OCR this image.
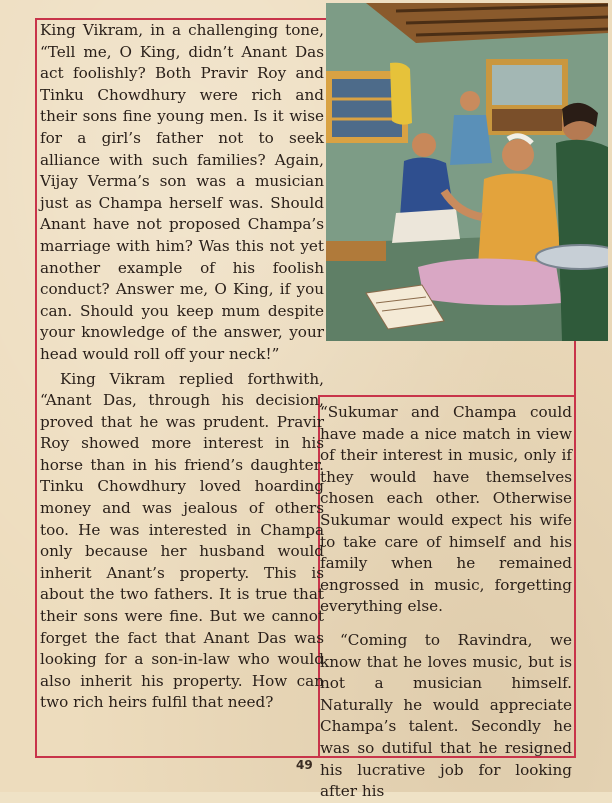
King Vikram, in a challenging tone, “Tell me, O King, didn’t Anant Das act foolishly? Both Pravir Roy and Tinku Chowdhury were rich and their sons fine young men. Is it wise for a girl’s father not to seek alliance with such families? Again, Vijay Verma’s son was a musician just as Champa herself was. Should Anant have not proposed Champa’s marriage with him? Was this not yet another example of his foolish conduct? Answer me, O King, if you can. Should you keep mum despite your knowledge of the answer, your head would roll off your neck!”

King Vikram replied forthwith, “Anant Das, through his decision, proved that he was prudent. Pravir Roy showed more interest in his horse than in his friend’s daughter. Tinku Chowdhury loved hoarding money and was jealous of others too. He was interested in Champa only because her husband would inherit Anant’s property. This is about the two fathers. It is true that their sons were fine. But we cannot forget the fact that Anant Das was looking for a son-in-law who would also inherit his property. How can two rich heirs fulfil that need?

“Sukumar and Champa could have made a nice match in view of their interest in music, only if they would have themselves chosen each other. Otherwise Sukumar would expect his wife to take care of himself and his family when he remained engrossed in music, forgetting everything else.

“Coming to Ravindra, we know that he loves music, but is not a musician himself. Naturally he would appreciate Champa’s talent. Secondly he was so dutiful that he resigned his lucrative job for looking after his

49
